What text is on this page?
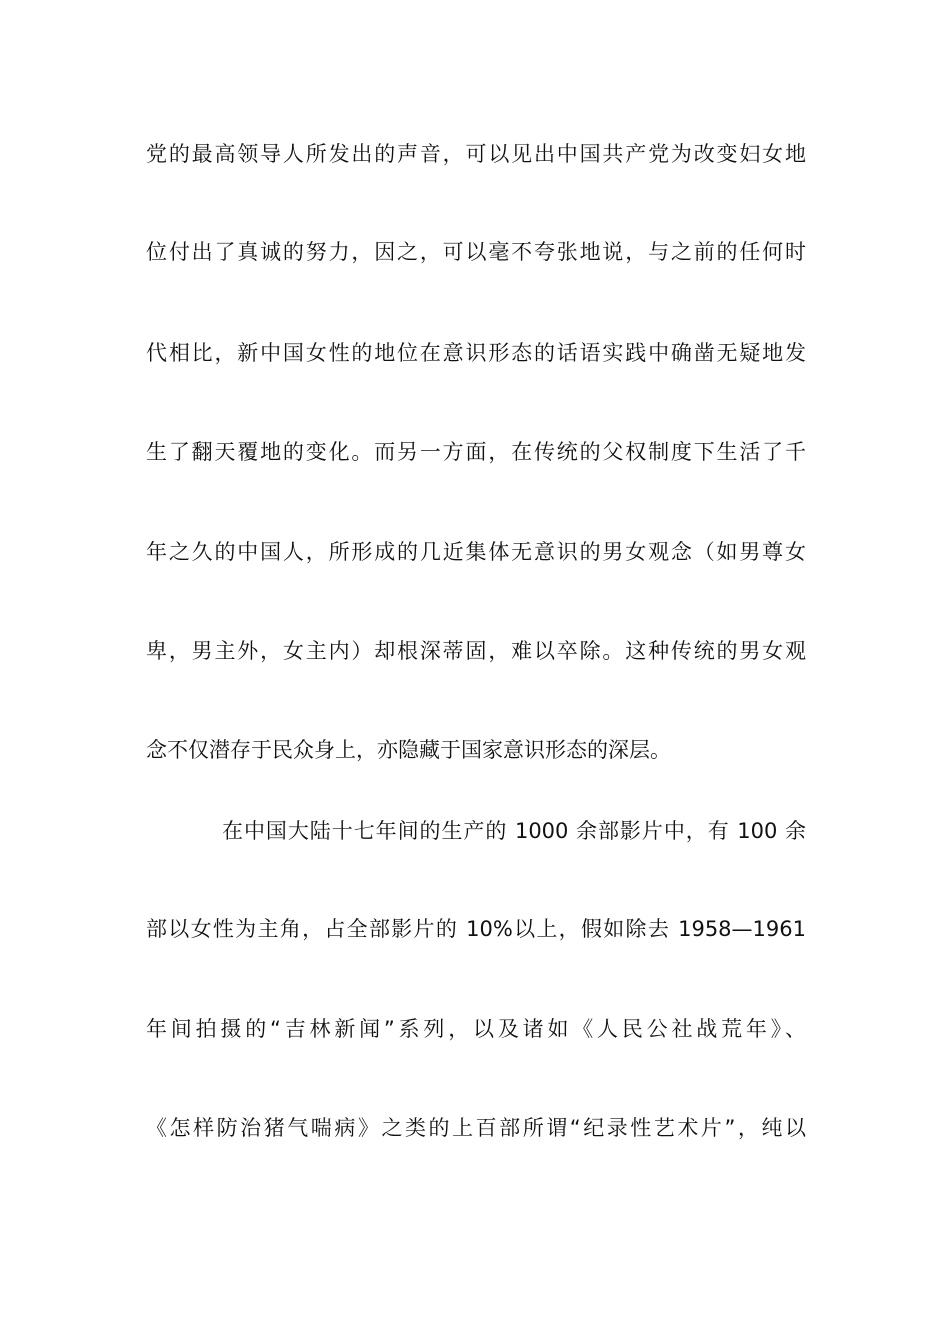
党的最高领导人所发出的声音，可以见出中国共产党为改变妇女地
位付出了真诚的努力，因之，可以毫不夸张地说，与之前的任何时
代相比，新中国女性的地位在意识形态的话语实践中确凿无疑地发
生了翻天覆地的变化。而另一方面，在传统的父权制度下生活了千
年之久的中国人，所形成的几近集体无意识的男女观念（如男尊女
卑，男主外，女主内）却根深蒂固，难以卒除。这种传统的男女观
念不仅潜存于民众身上，亦隐藏于国家意识形态的深层。
在中国大陆十七年间的生产的 1000 余部影片中，有 100 余
部以女性为主角，占全部影片的 10%以上，假如除去 1958—1961
年间拍摄的“吉林新闻”系列，以及诸如《人民公社战荒年》、
《怎样防治猪气喘病》之类的上百部所谓“纪录性艺术片”，纯以
